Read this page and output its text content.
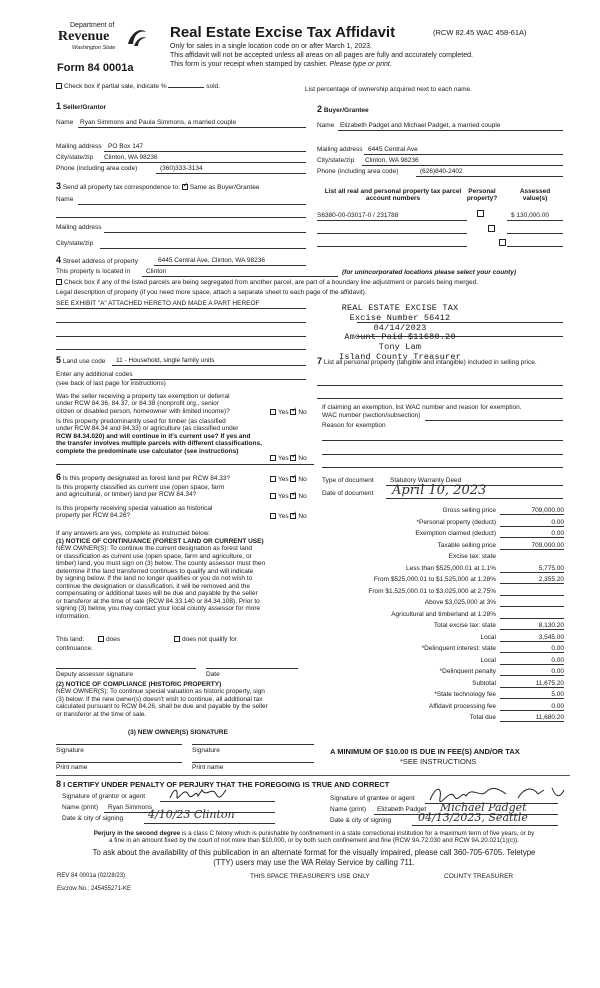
Department of
Revenue
Washington State
Form 84 0001a
Real Estate Excise Tax Affidavit	(RCW 82.45 WAC 458-61A)
Only for sales in a single location code on or after March 1, 2023.
This affidavit will not be accepted unless all areas on all pages are fully and accurately completed.
This form is your receipt when stamped by cashier. Please type or print.
Check box if partial sale, indicate %	sold.	List percentage of ownership acquired next to each name.
1 Seller/Grantor
Name Ryan Simmons and Paula Simmons, a married couple
Mailing address PO Box 147
City/state/zip Clinton, WA 98236
Phone (including area code)	(360)333-3134
2 Buyer/Grantee
Name Elizabeth Padget and Michael Padget, a married couple
Mailing address 6445 Central Ave
City/state/zip Clinton, WA 98236
Phone (including area code)	(626)840-2402
3 Send all property tax correspondence to: ✓ Same as Buyer/Grantee
Name
Mailing address
City/state/zip
List all real and personal property tax parcel account numbers
Personal property?
Assessed value(s)
S6380-00-03017-0 / 231788
	$ 130,000.00

4 Street address of property	6445 Central Ave, Clinton, WA 98236
This property is located in Clinton	(for unincorporated locations please select your county)
Check box if any of the listed parcels are being segregated from another parcel, are part of a boundary line adjustment or parcels being merged.
Legal description of property (if you need more space, attach a separate sheet to each page of the affidavit).
SEE EXHIBIT "A" ATTACHED HERETO AND MADE A PART HEREOF	REAL ESTATE EXCISE TAX
Excise Number 56412
04/14/2023
Amount Paid $11680.20
Tony Lam
Island County Treasurer
5 Land use code 11 - Household, single family units
Enter any additional codes
(see back of last page for instructions)
Was the seller receiving a property tax exemption or deferral
under RCW 84.36, 84.37, or 84.38 (nonprofit org., senior
citizen or disabled person, homeowner with limited income)?	Yes ✓ No
Is this property predominantly used for timber (as classified
under RCW 84.34 and 84.33) or agriculture (as classified under
RCW 84.34.020) and will continue in it's current use? If yes and
the transfer involves multiple parcels with different classifications,
complete the predominate use calculator (see instructions)
Yes ✓ No
7 List all personal property (tangible and intangible) included in selling price.
If claiming an exemption, list WAC number and reason for exemption.
WAC number (section/subsection)
Reason for exemption
6 Is this property designated as forest land per RCW 84.33?	Yes ✓ No
Is this property classified as current use (open space, farm
and agricultural, or timber) land per RCW 84.34?	Yes ✓ No
Is this property receiving special valuation as historical
property per RCW 84.26?	Yes ✓ No
If any answers are yes, complete as instructed below.
(1) NOTICE OF CONTINUANCE (FOREST LAND OR CURRENT USE)
NEW OWNER(S): To continue the current designation as forest land
or classification as current use (open space, farm and agriculture, or
timber) land, you must sign on (3) below. The county assessor must then
determine if the land transferred continues to qualify and will indicate
by signing below. If the land no longer qualifies or you do not wish to
continue the designation or classification, it will be removed and the
compensating or additional taxes will be due and payable by the seller
or transferor at the time of sale (RCW 84.33.140 or 84.34.108). Prior to
signing (3) below, you may contact your local county assessor for more
information.
This land:	does	does not qualify for
continuance.
Deputy assessor signature	Date
(2) NOTICE OF COMPLIANCE (HISTORIC PROPERTY)
NEW OWNER(S): To continue special valuation as historic property, sign
(3) below. If the new owner(s) doesn't wish to continue, all additional tax
calculated pursuant to RCW 84.26, shall be due and payable by the seller
or transferor at the time of sale.
(3) NEW OWNER(S) SIGNATURE
Signature	Signature
Print name	Print name
Type of document	Statutory Warranty Deed
Date of document April 10, 2023
Gross selling price	709,000.00
*Personal property (deduct)	0.00
Exemption claimed (deduct)	0.00
Taxable selling price	709,000.00
Excise tax: state
Less than $525,000.01 at 1.1%	5,775.00
From $525,000.01 to $1,525,000 at 1.28%	2,355.20
From $1,525,000.01 to $3,025,000 at 2.75%
Above $3,025,000 at 3%
Agricultural and timberland at 1.28%
Total excise tax: state	8,130.20
Local	3,545.00
*Delinquent interest: state	0.00
Local	0.00
*Delinquent penalty	0.00
Subtotal	11,675.20
*State technology fee	5.00
Affidavit processing fee	0.00
Total due	11,680.20
A MINIMUM OF $10.00 IS DUE IN FEE(S) AND/OR TAX
*SEE INSTRUCTIONS
8 I CERTIFY UNDER PENALTY OF PERJURY THAT THE FOREGOING IS TRUE AND CORRECT
Signature of grantor or agent
Name (print) Ryan Simmons
Date & city of signing 4/10/23 Clinton
Signature of grantee or agent
Name (print) Elizabeth Padget Michael Padget
Date & city of signing 04/13/2023, Seattle
Perjury in the second degree is a class C felony which is punishable by confinement in a state correctional institution for a maximum term of five years, or by
a fine in an amount fixed by the court of not more than $10,000, or by both such confinement and fine (RCW 9A.72.030 and RCW 9A.20.021(1)(c)).
To ask about the availability of this publication in an alternate format for the visually impaired, please call 360-705-6705. Teletype
(TTY) users may use the WA Relay Service by calling 711.
REV 84 0001a (02/28/23)	THIS SPACE TREASURER'S USE ONLY	COUNTY TREASURER
Escrow No.: 245455271-KE
